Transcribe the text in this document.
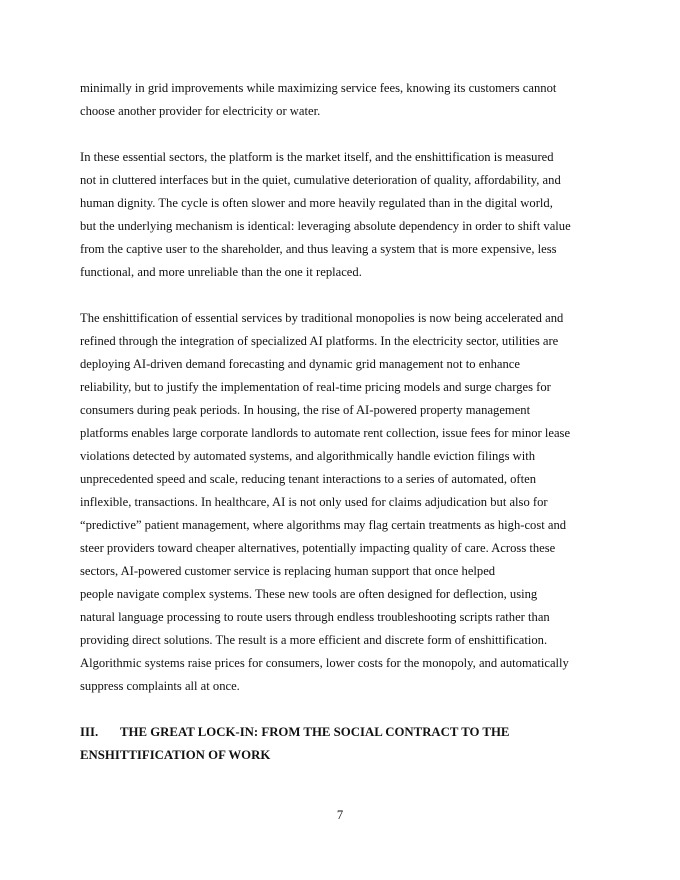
minimally in grid improvements while maximizing service fees, knowing its customers cannot
choose another provider for electricity or water.
In these essential sectors, the platform is the market itself, and the enshittification is measured
not in cluttered interfaces but in the quiet, cumulative deterioration of quality, affordability, and
human dignity. The cycle is often slower and more heavily regulated than in the digital world,
but the underlying mechanism is identical: leveraging absolute dependency in order to shift value
from the captive user to the shareholder, and thus leaving a system that is more expensive, less
functional, and more unreliable than the one it replaced.
The enshittification of essential services by traditional monopolies is now being accelerated and
refined through the integration of specialized AI platforms. In the electricity sector, utilities are
deploying AI-driven demand forecasting and dynamic grid management not to enhance
reliability, but to justify the implementation of real-time pricing models and surge charges for
consumers during peak periods. In housing, the rise of AI-powered property management
platforms enables large corporate landlords to automate rent collection, issue fees for minor lease
violations detected by automated systems, and algorithmically handle eviction filings with
unprecedented speed and scale, reducing tenant interactions to a series of automated, often
inflexible, transactions. In healthcare, AI is not only used for claims adjudication but also for
“predictive” patient management, where algorithms may flag certain treatments as high-cost and
steer providers toward cheaper alternatives, potentially impacting quality of care. Across these
sectors, AI-powered customer service is replacing human support that once helped
people navigate complex systems. These new tools are often designed for deflection, using
natural language processing to route users through endless troubleshooting scripts rather than
providing direct solutions. The result is a more efficient and discrete form of enshittification.
Algorithmic systems raise prices for consumers, lower costs for the monopoly, and automatically
suppress complaints all at once.
III. THE GREAT LOCK-IN: FROM THE SOCIAL CONTRACT TO THE
ENSHITTIFICATION OF WORK
7
